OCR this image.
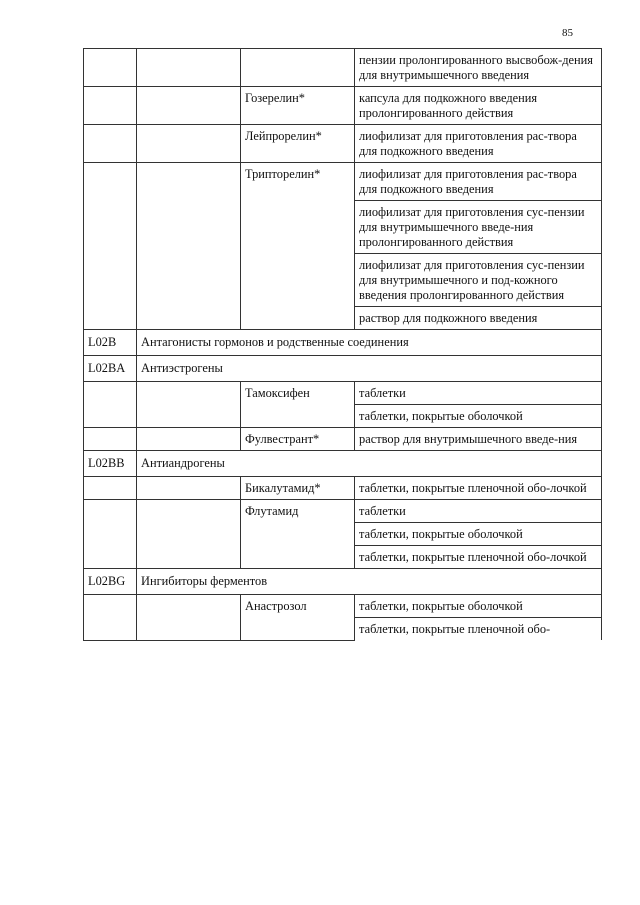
85
			пензии пролонгированного высвобож-дения для внутримышечного введения
		Гозерелин*	капсула для подкожного введения пролонгированного действия
		Лейпрорелин*	лиофилизат для приготовления рас-твора для подкожного введения
		Трипторелин*	лиофилизат для приготовления рас-твора для подкожного введения
			лиофилизат для приготовления сус-пензии для внутримышечного введе-ния пролонгированного действия
			лиофилизат для приготовления сус-пензии для внутримышечного и под-кожного введения пролонгированного действия
			раствор для подкожного введения
L02B	Антагонисты гормонов и родственные соединения		
L02BA	Антиэстрогены		
		Тамоксифен	таблетки
			таблетки, покрытые оболочкой
		Фулвестрант*	раствор для внутримышечного введе-ния
L02BB	Антиандрогены		
		Бикалутамид*	таблетки, покрытые пленочной обо-лочкой
		Флутамид	таблетки
			таблетки, покрытые оболочкой
			таблетки, покрытые пленочной обо-лочкой
L02BG	Ингибиторы ферментов		
		Анастрозол	таблетки, покрытые оболочкой
			таблетки, покрытые пленочной обо-
